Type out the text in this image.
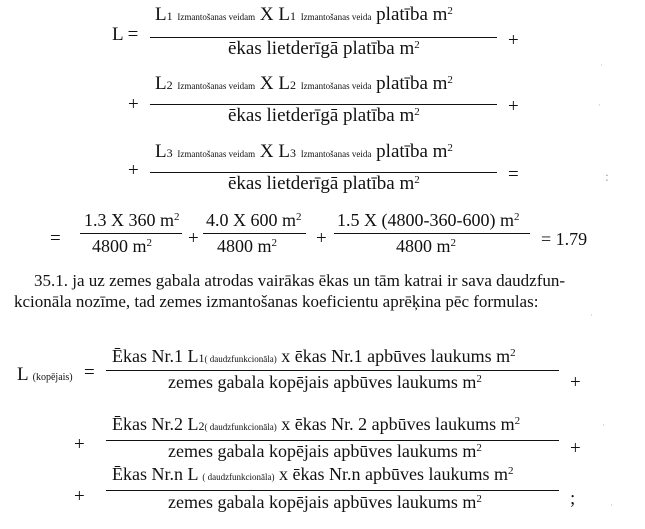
L =
L1 Izmantošanas veidam X L1 Izmantošanas veida platība $m^2$
ēkas lietderīgā platība $m^2$	+
+
L2 Izmantošanas veidam X L2 Izmantošanas veida platība $m^2$
ēkas lietderīgā platība $m^2$	+
+
L3 Izmantošanas veidam X L3 Izmantošanas veida platība $m^2$
ēkas lietderīgā platība $m^2$	=
=
1.3 X 360 $m^2$
4800 $m^2$ +
4.0 X 600 $m^2$
4800 $m^2$ +
1.5 X (4800-360-600) $m^2$
4800 $m^2$	= 1.79
35.1. ja uz zemes gabala atrodas vairākas ēkas un tām katrai ir sava daudzfun-
kcionāla nozīme, tad zemes izmantošanas koeficientu aprēķina pēc formulas:
L (kopējais) =
Ēkas Nr.1 L1( daudzfunkcionāla) x ēkas Nr.1 apbūves laukums $m^2$
zemes gabala kopējais apbūves laukums $m^2$	+
+
Ēkas Nr.2 L2( daudzfunkcionāla) x ēkas Nr. 2 apbūves laukums $m^2$
zemes gabala kopējais apbūves laukums $m^2$	+
+
Ēkas Nr.n L ( daudzfunkcionāla) x ēkas Nr.n apbūves laukums $m^2$
zemes gabala kopējais apbūves laukums $m^2$	;
·
·
:
·
·
·
